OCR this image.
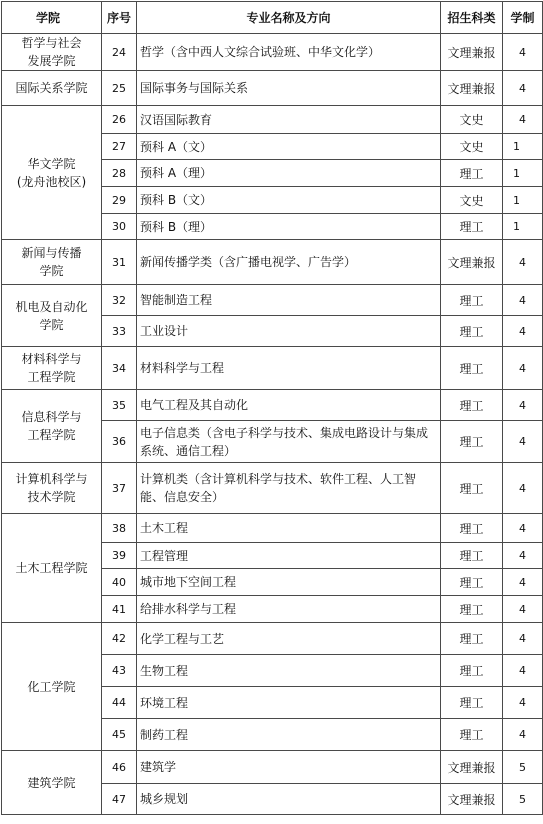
学院	序号	专业名称及方向	招生科类	学制
哲学与社会
发展学院	24	哲学（含中西人文综合试验班、中华文化学）	文理兼报	4
国际关系学院	25	国际事务与国际关系	文理兼报	4
华文学院
(龙舟池校区)	26	汉语国际教育	文史	4
	27	预科 A（文）	文史	1
	28	预科 A（理）	理工	1
	29	预科 B（文）	文史	1
	30	预科 B（理）	理工	1
新闻与传播
学院	31	新闻传播学类（含广播电视学、广告学）	文理兼报	4
机电及自动化
学院	32	智能制造工程	理工	4
	33	工业设计	理工	4
材料科学与
工程学院	34	材料科学与工程	理工	4
信息科学与
工程学院	35	电气工程及其自动化	理工	4
	36	电子信息类（含电子科学与技术、集成电路设计与集成系统、通信工程）	理工	4
计算机科学与
技术学院	37	计算机类（含计算机科学与技术、软件工程、人工智能、信息安全）	理工	4
土木工程学院	38	土木工程	理工	4
	39	工程管理	理工	4
	40	城市地下空间工程	理工	4
	41	给排水科学与工程	理工	4
化工学院	42	化学工程与工艺	理工	4
	43	生物工程	理工	4
	44	环境工程	理工	4
	45	制药工程	理工	4
建筑学院	46	建筑学	文理兼报	5
	47	城乡规划	文理兼报	5
